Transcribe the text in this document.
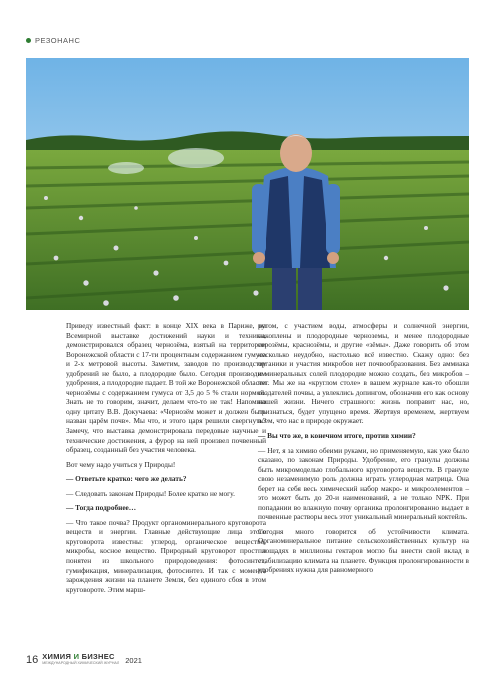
РЕЗОНАНС

Приведу известный факт: в конце XIX века в Париже, на Всемирной выставке достижений науки и техники, демонстрировался образец чернозёма, взятый на территории Воронежской области с 17-ти процентным содержанием гумуса и 2-х метровой высоты. Заметим, заводов по производству удобрений не было, а плодородие было. Сегодня производим удобрения, а плодородие падает. В той же Воронежской области чернозёмы с содержанием гумуса от 3,5 до 5 % стали нормой. Знать не то говорим, значит, делаем что-то не так! Напомню одну цитату В.В. Докучаева: «Чернозём может и должен быть назван царём почв». Мы что, и этого царя решили свергнуть? Замечу, что выставка демонстрировала передовые научные и технические достижения, а фурор на ней произвел почвенный образец, созданный без участия человека.

Вот чему надо учиться у Природы!

— Ответьте кратко: чего же делать?

— Следовать законам Природы! Более кратко не могу.

— Тогда подробнее…

— Что такое почва? Продукт органоминерального круговорота веществ и энергии. Главные действующие лица этого круговорота известны: углерод, органическое вещество, микробы, косное вещество. Природный круговорот прост и понятен из школьного природоведения: фотосинтез, гумификация, минерализация, фотосинтез. И так с момента зарождения жизни на планете Земля, без единого сбоя в этом круговороте. Этим марш-

рутом, с участием воды, атмосферы и солнечной энергии, накоплены и плодородные черноземы, и менее плодородные серозёмы, краснозёмы, и другие «зёмы». Даже говорить об этом несколько неудобно, настолько всё известно. Скажу одно: без органики и участия микробов нет почвообразования. Без аммиака и минеральных солей плодородие можно создать, без микробов – нет. Мы же на «круглом столе» в вашем журнале как-то обошли создателей почвы, а увлеклись допингом, обозначив его как основу нашей жизни. Ничего страшного: жизнь поправит нас, но, признаться, будет упущено время. Жертвуя временем, жертвуем всем, что нас в природе окружает.

— Вы что же, в конечном итоге, против химии?

— Нет, я за химию обеими руками, но применяемую, как уже было сказано, по законам Природы. Удобрение, его гранулы должны быть микромоделью глобального круговорота веществ. В грануле свою незаменимую роль должна играть углеродная матрица. Она берет на себя весь химический набор макро- и микроэлементов – это может быть до 20-и наименований, а не только NPK. При попадании во влажную почву органика пролонгированно выдает в почвенные растворы весь этот уникальный минеральный коктейль.

Сегодня много говорится об устойчивости климата. Органоминеральное питание сельскохозяйственных культур на площадях в миллионы гектаров могло бы внести свой вклад в стабилизацию климата на планете. Функция пролонгированности в удобрениях нужна для равномерного

16 ХИМИЯ И БИЗНЕС
МЕЖДУНАРОДНЫЙ ХИМИЧЕСКИЙ ЖУРНАЛ 2021
